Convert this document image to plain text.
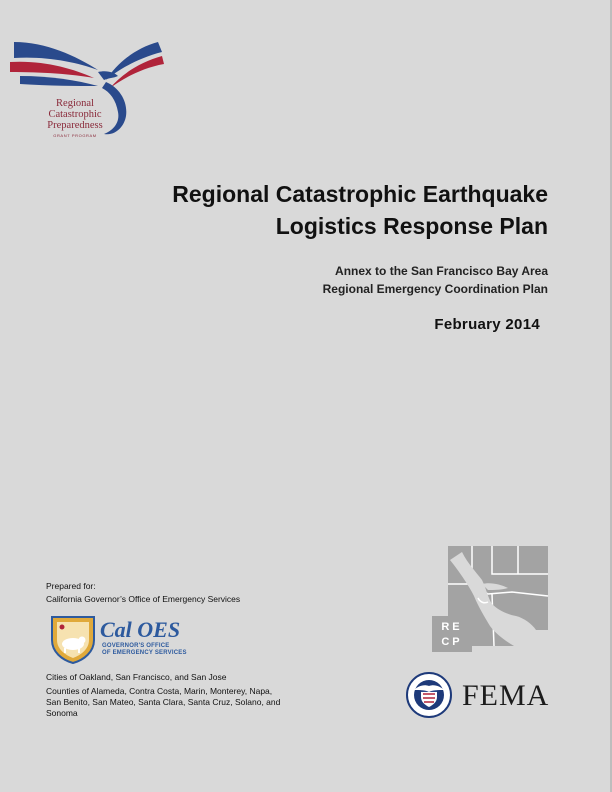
Regional
Catastrophic
Preparedness
GRANT PROGRAM
Regional Catastrophic Earthquake
Logistics Response Plan
Annex to the San Francisco Bay Area
Regional Emergency Coordination Plan
February 2014
Prepared for:
California Governor’s Office of Emergency Services
Cal OES
GOVERNOR'S OFFICE
OF EMERGENCY SERVICES
Cities of Oakland, San Francisco, and San Jose
Counties of Alameda, Contra Costa, Marin, Monterey, Napa, San Benito, San Mateo, Santa Clara, Santa Cruz, Solano, and Sonoma
RE
CP
FEMA
